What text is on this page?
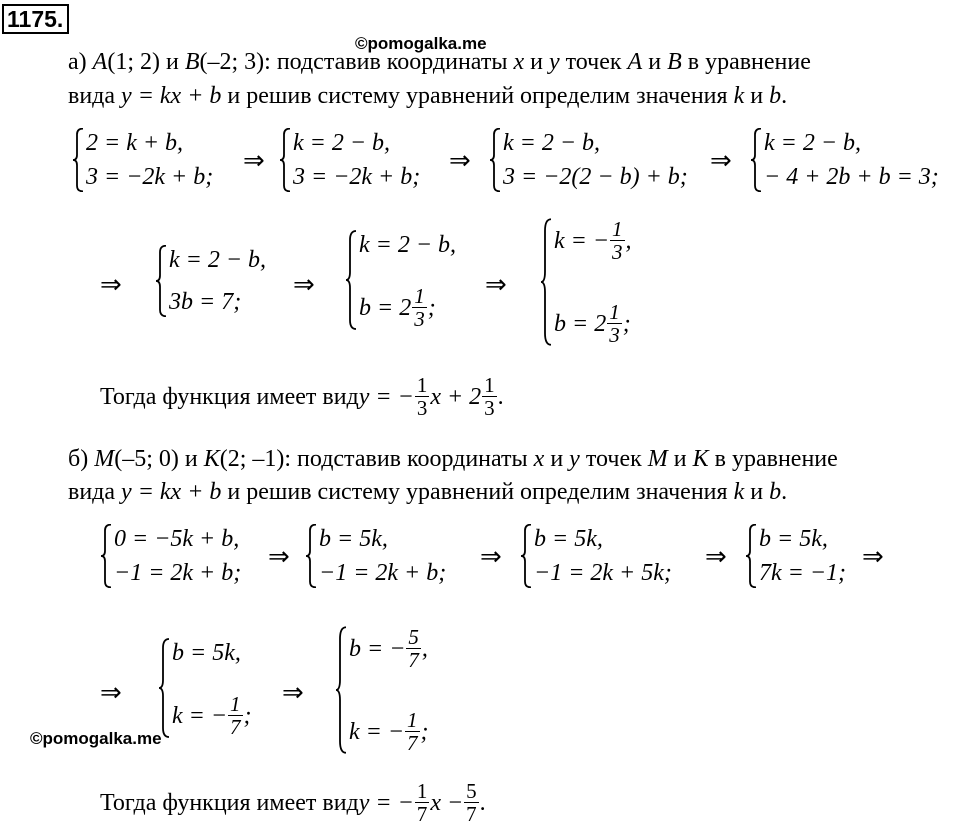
1175.
©pomogalka.me
а) A(1; 2) и B(–2; 3): подставив координаты x и y точек A и B в уравнение
вида y = kx + b и решив систему уравнений определим значения k и b.
2 = k + b,
3 = −2k + b;
⇒
k = 2 − b,
3 = −2k + b;
⇒
k = 2 − b,
3 = −2(2 − b) + b;
⇒
k = 2 − b,
− 4 + 2b + b = 3;
⇒
k = 2 − b,
3b = 7;
⇒
k = 2 − b,
$b = 2 \frac{1}{3}$ ;
⇒
k = − $\frac{1}{3}$ ,
$b = 2 \frac{1}{3}$ ;
Тогда функция имеет вид y = − $\frac{1}{3}$ $x + 2 \frac{1}{3}$ .
б) M(–5; 0) и K(2; –1): подставив координаты x и y точек M и K в уравнение
вида y = kx + b и решив систему уравнений определим значения k и b.
0 = −5k + b,
−1 = 2k + b;
⇒
b = 5k,
−1 = 2k + b;
⇒
b = 5k,
−1 = 2k + 5k;
⇒
b = 5k,
7k = −1;
⇒
⇒
b = 5k,
k = − $\frac{1}{7}$ ;
⇒
b = − $\frac{5}{7}$ ,
k = − $\frac{1}{7}$ ;
©pomogalka.me
Тогда функция имеет вид y = − $\frac{1}{7}$ $x - \frac{5}{7}$ .
